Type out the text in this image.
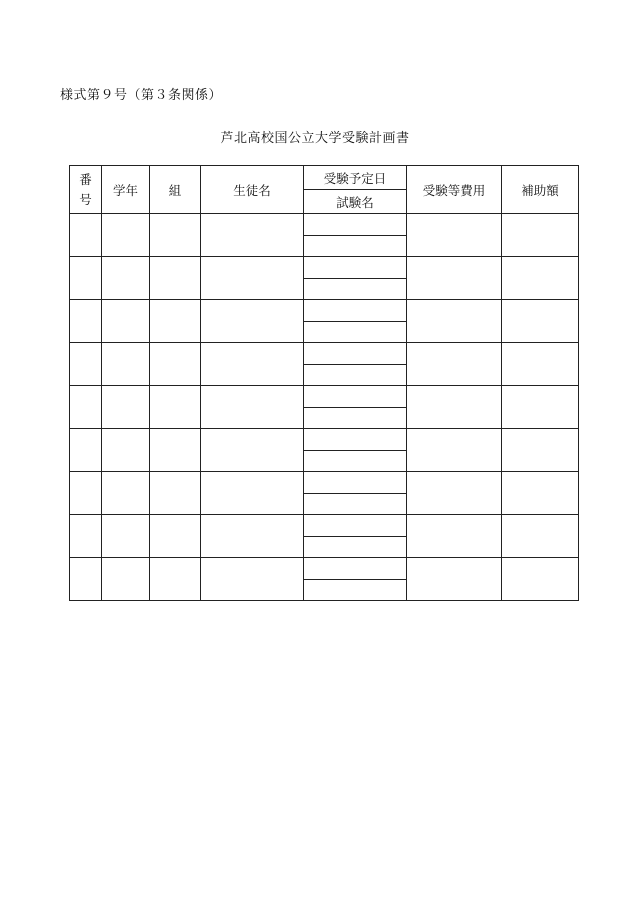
様式第９号（第３条関係）
芦北高校国公立大学受験計画書
番
号	学年	組	生徒名	受験予定日	受験等費用	補助額
				試験名		
